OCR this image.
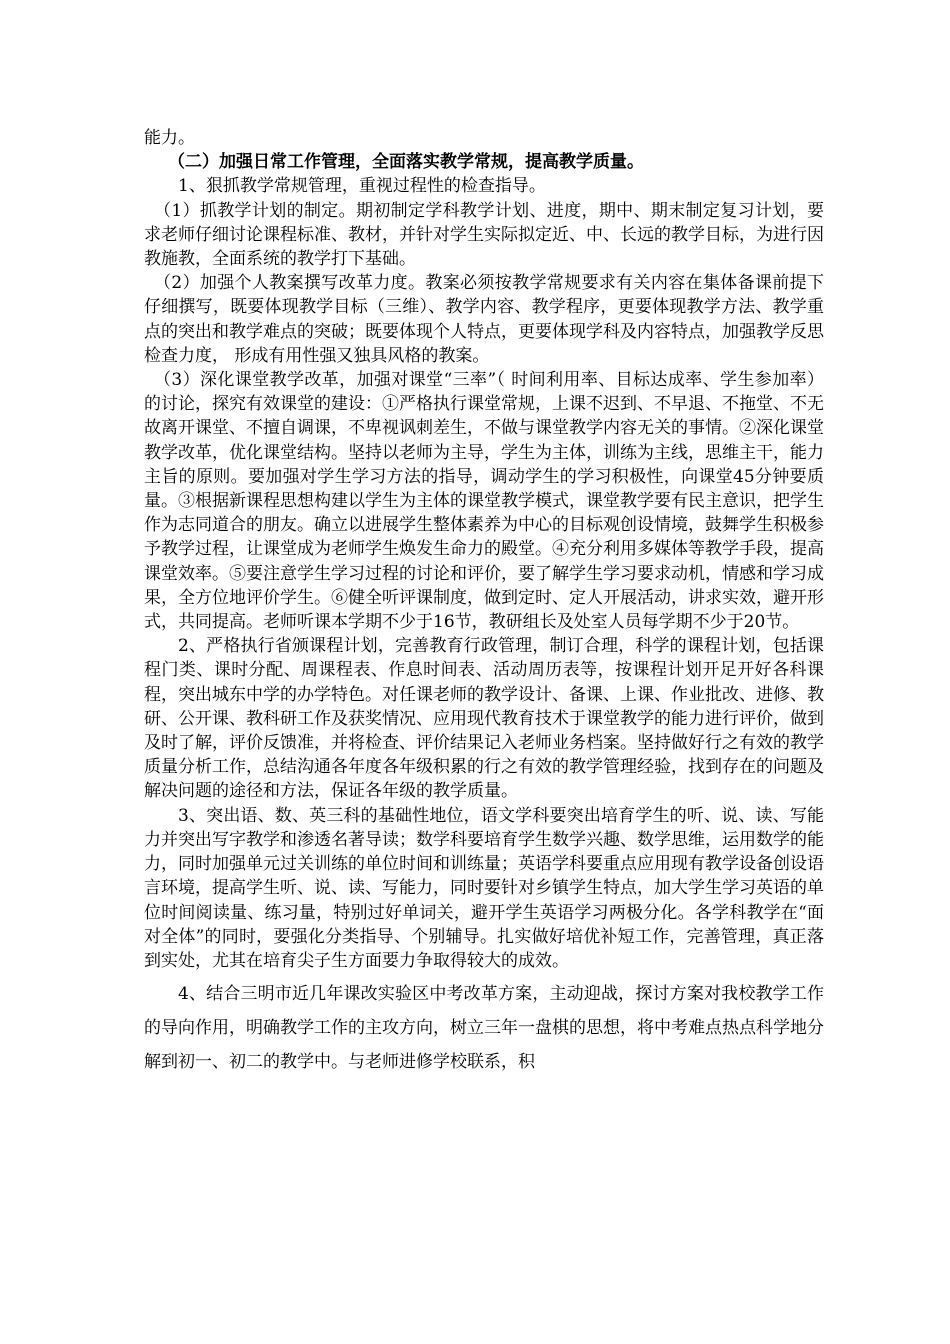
能力。

（二）加强日常工作管理，全面落实教学常规，提高教学质量。

1、狠抓教学常规管理，重视过程性的检查指导。

（1）抓教学计划的制定。期初制定学科教学计划、进度，期中、期末制定复习计划，要求老师仔细讨论课程标准、教材，并针对学生实际拟定近、中、长远的教学目标，为进行因教施教，全面系统的教学打下基础。

（2）加强个人教案撰写改革力度。教案必须按教学常规要求有关内容在集体备课前提下仔细撰写，既要体现教学目标（三维）、教学内容、教学程序，更要体现教学方法、教学重点的突出和教学难点的突破；既要体现个人特点，更要体现学科及内容特点，加强教学反思检查力度， 形成有用性强又独具风格的教案。

（3）深化课堂教学改革，加强对课堂“三率”（ 时间利用率、目标达成率、学生参加率）的讨论，探究有效课堂的建设：①严格执行课堂常规，上课不迟到、不早退、不拖堂、不无故离开课堂、不擅自调课，不卑视讽刺差生，不做与课堂教学内容无关的事情。②深化课堂教学改革，优化课堂结构。坚持以老师为主导，学生为主体，训练为主线，思维主干，能力主旨的原则。要加强对学生学习方法的指导，调动学生的学习积极性，向课堂45分钟要质量。③根据新课程思想构建以学生为主体的课堂教学模式，课堂教学要有民主意识，把学生作为志同道合的朋友。确立以进展学生整体素养为中心的目标观创设情境，鼓舞学生积极参予教学过程，让课堂成为老师学生焕发生命力的殿堂。④充分利用多媒体等教学手段，提高课堂效率。⑤要注意学生学习过程的讨论和评价，要了解学生学习要求动机，情感和学习成果，全方位地评价学生。⑥健全听评课制度，做到定时、定人开展活动，讲求实效，避开形式，共同提高。老师听课本学期不少于16节，教研组长及处室人员每学期不少于20节。

2、严格执行省颁课程计划，完善教育行政管理，制订合理，科学的课程计划，包括课程门类、课时分配、周课程表、作息时间表、活动周历表等，按课程计划开足开好各科课程，突出城东中学的办学特色。对任课老师的教学设计、备课、上课、作业批改、进修、教研、公开课、教科研工作及获奖情况、应用现代教育技术于课堂教学的能力进行评价，做到及时了解，评价反馈准，并将检查、评价结果记入老师业务档案。坚持做好行之有效的教学质量分析工作，总结沟通各年度各年级积累的行之有效的教学管理经验，找到存在的问题及解决问题的途径和方法，保证各年级的教学质量。

3、突出语、数、英三科的基础性地位，语文学科要突出培育学生的听、说、读、写能力并突出写字教学和渗透名著导读；数学科要培育学生数学兴趣、数学思维，运用数学的能力，同时加强单元过关训练的单位时间和训练量；英语学科要重点应用现有教学设备创设语言环境，提高学生听、说、读、写能力，同时要针对乡镇学生特点，加大学生学习英语的单位时间阅读量、练习量，特别过好单词关，避开学生英语学习两极分化。各学科教学在“面对全体”的同时，要强化分类指导、个别辅导。扎实做好培优补短工作，完善管理，真正落到实处，尤其在培育尖子生方面要力争取得较大的成效。

4、结合三明市近几年课改实验区中考改革方案，主动迎战，探讨方案对我校教学工作的导向作用，明确教学工作的主攻方向，树立三年一盘棋的思想，将中考难点热点科学地分解到初一、初二的教学中。与老师进修学校联系，积
